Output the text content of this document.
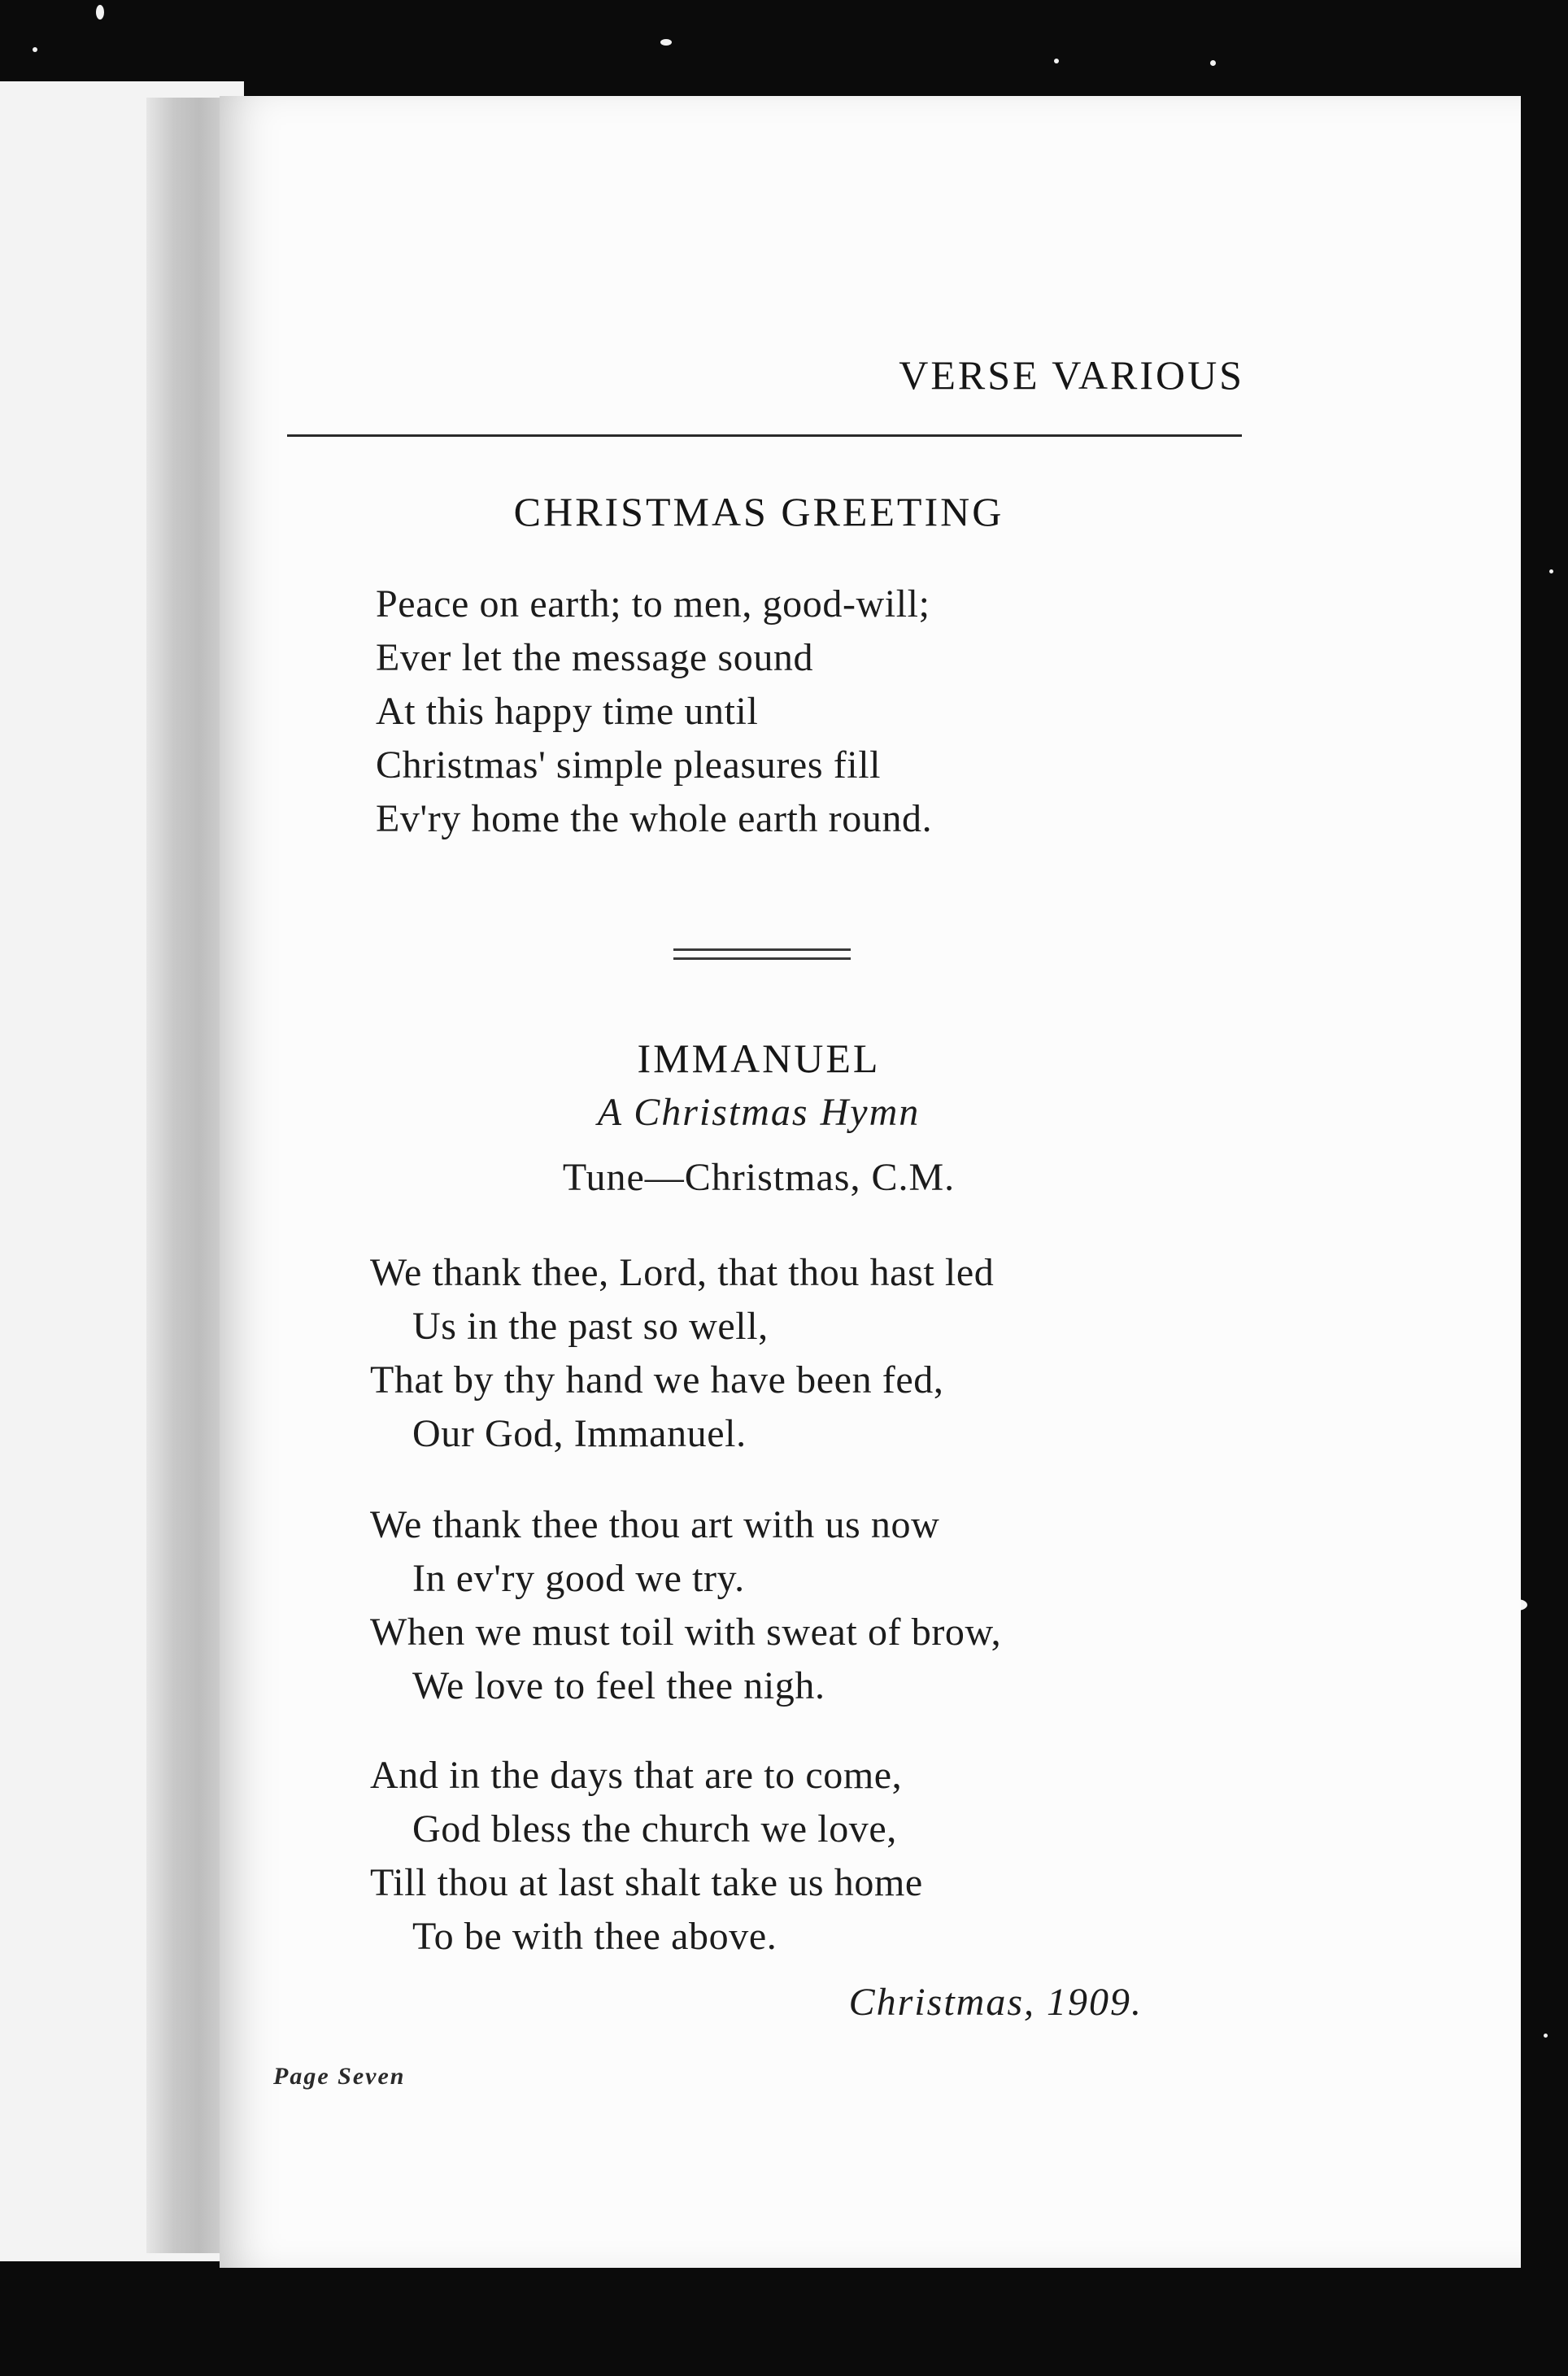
VERSE VARIOUS
CHRISTMAS GREETING
Peace on earth; to men, good-will;
Ever let the message sound
At this happy time until
Christmas' simple pleasures fill
Ev'ry home the whole earth round.
IMMANUEL
A Christmas Hymn
Tune—Christmas, C.M.
We thank thee, Lord, that thou hast led
Us in the past so well,
That by thy hand we have been fed,
Our God, Immanuel.
We thank thee thou art with us now
In ev'ry good we try.
When we must toil with sweat of brow,
We love to feel thee nigh.
And in the days that are to come,
God bless the church we love,
Till thou at last shalt take us home
To be with thee above.
Christmas, 1909.
Page Seven
